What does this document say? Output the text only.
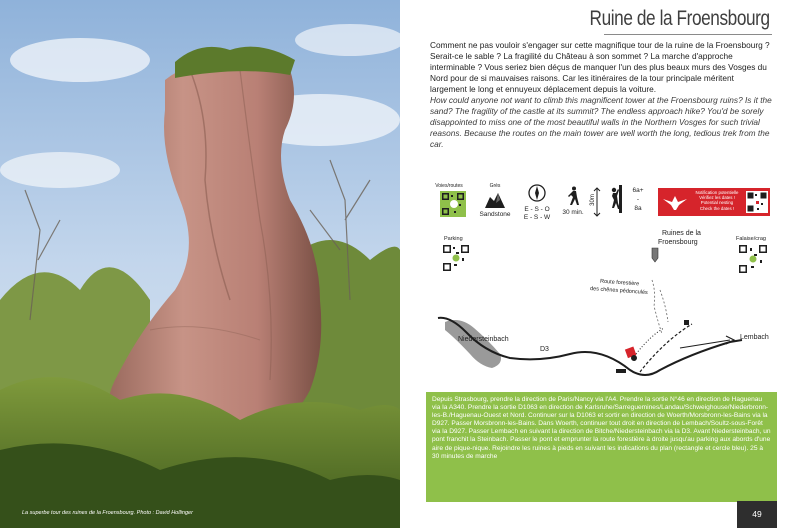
La superbe tour des ruines de la Froensbourg. Photo : David Hollinger
Ruine de la Froensbourg

Comment ne pas vouloir s'engager sur cette magnifique tour de la ruine de la Froensbourg ? Serait-ce le sable ? La fragilité du Château à son sommet ? La marche d'approche interminable ? Vous seriez bien déçus de manquer l'un des plus beaux murs des Vosges du Nord pour de si mauvaises raisons. Car les itinéraires de la tour principale méritent largement le long et ennuyeux déplacement depuis la voiture.

How could anyone not want to climb this magnificent tower at the Froensbourg ruins? Is it the sand? The fragility of the castle at its summit? The endless approach hike? You'd be sorely disappointed to miss one of the most beautiful walls in the Northern Vosges for such trivial reasons. Because the routes on the main tower are well worth the long, tedious trek from the car.

Voies/routes	Grès
Sandstone
E - S - O
E - S - W
30 min.
30m
6a+
-
8a
Notification potentielle
Vérifiez les dates !
Potential nesting
Check the dates !
Parking	Falaise/crag
Ruines de la
Froensbourg
Route forestière
des chênes pédonculés
Niedersteinbach
D3
Lembach

Depuis Strasbourg, prendre la direction de Paris/Nancy via l'A4. Prendre la sortie N°46 en direction de Haguenau via la A340. Prendre la sortie D1063 en direction de Karlsruhe/Sarreguemines/Landau/Schweighouse/Niederbronn-les-B./Haguenau-Ouest et Nord. Continuer sur la D1063 et sortir en direction de Woerth/Morsbronn-les-Bains via la D927. Passer Morsbronn-les-Bains. Dans Woerth, continuer tout droit en direction de Lembach/Soultz-sous-Forêt via la D927. Passer Lembach en suivant la direction de Bitche/Niedersteinbach via la D3. Avant Niedersteinbach, un pont franchit la Steinbach. Passer le pont et emprunter la route forestière à droite jusqu'au parking aux abords d'une aire de pique-nique. Rejoindre les ruines à pieds en suivant les indications du plan (rectangle et cercle bleu). 25 à 30 minutes de marche

49
